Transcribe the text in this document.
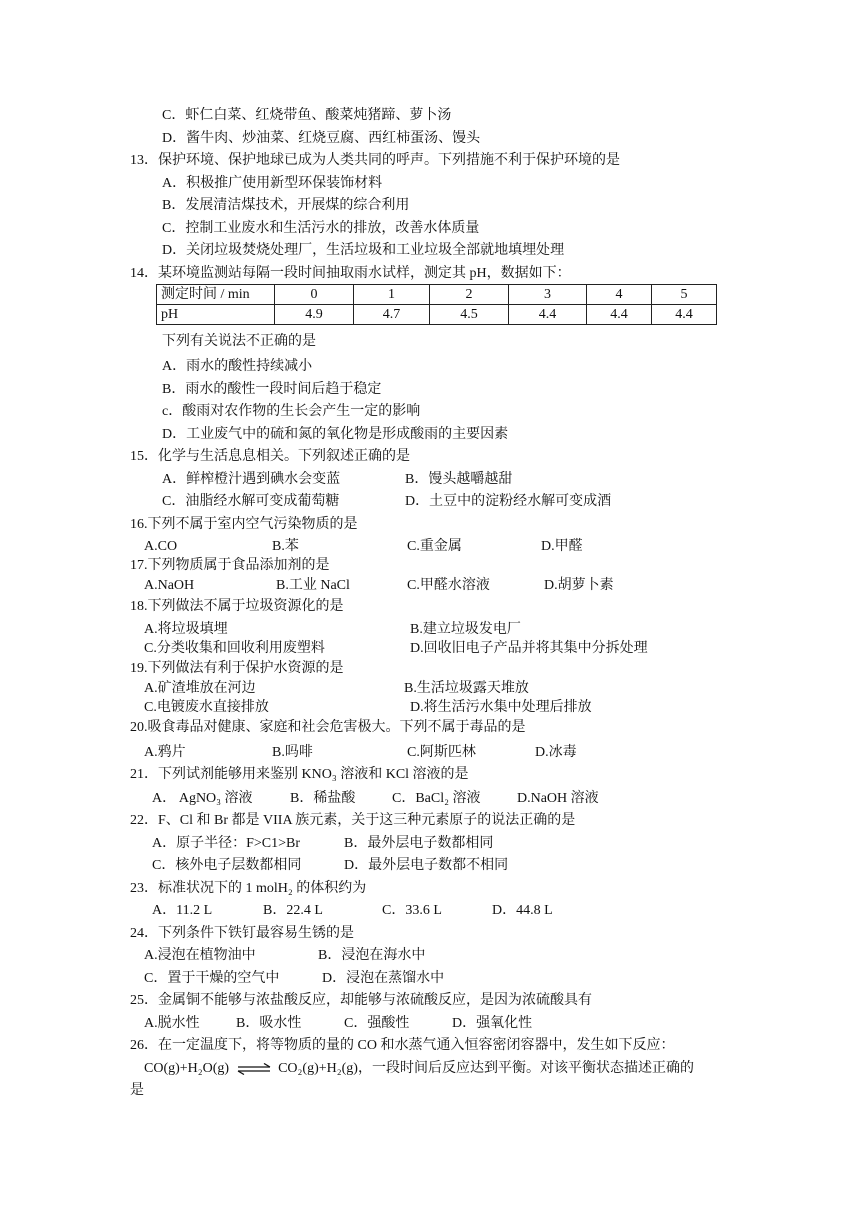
C．虾仁白菜、红烧带鱼、酸菜炖猪蹄、萝卜汤
D．酱牛肉、炒油菜、红烧豆腐、西红柿蛋汤、馒头
13．保护环境、保护地球已成为人类共同的呼声。下列措施不利于保护环境的是
A．积极推广使用新型环保装饰材料
B．发展清洁煤技术，开展煤的综合利用
C．控制工业废水和生活污水的排放，改善水体质量
D．关闭垃圾焚烧处理厂，生活垃圾和工业垃圾全部就地填埋处理
14．某环境监测站每隔一段时间抽取雨水试样，测定其 pH，数据如下：
测定时间 / min	0	1	2	3	4	5
pH	4.9	4.7	4.5	4.4	4.4	4.4
下列有关说法不正确的是
A．雨水的酸性持续减小
B．雨水的酸性一段时间后趋于稳定
c．酸雨对农作物的生长会产生一定的影响
D．工业废气中的硫和氮的氧化物是形成酸雨的主要因素
15．化学与生活息息相关。下列叙述正确的是
A．鲜榨橙汁遇到碘水会变蓝	B．馒头越嚼越甜
C．油脂经水解可变成葡萄糖	D．土豆中的淀粉经水解可变成酒
16.下列不属于室内空气污染物质的是
A.CO	B.苯	C.重金属	D.甲醛
17.下列物质属于食品添加剂的是
A.NaOH	B.工业 NaCl	C.甲醛水溶液	D.胡萝卜素
18.下列做法不属于垃圾资源化的是
A.将垃圾填埋	B.建立垃圾发电厂
C.分类收集和回收利用废塑料	D.回收旧电子产品并将其集中分拆处理
19.下列做法有利于保护水资源的是
A.矿渣堆放在河边	B.生活垃圾露天堆放
C.电镀废水直接排放	D.将生活污水集中处理后排放
20.吸食毒品对健康、家庭和社会危害极大。下列不属于毒品的是
A.鸦片	B.吗啡	C.阿斯匹林	D.冰毒
21．下列试剂能够用来鉴别 KNO₃ 溶液和 KCl 溶液的是
A． AgNO₃ 溶液	B．稀盐酸	C．BaCl₂ 溶液	D.NaOH 溶液
22．F、Cl 和 Br 都是 VIIA 族元素，关于这三种元素原子的说法正确的是
A．原子半径：F>C1>Br	B．最外层电子数都相同
C．核外电子层数都相同	D．最外层电子数都不相同
23．标准状况下的 1 molH₂ 的体积约为
A．11.2 L	B．22.4 L	C．33.6 L	D．44.8 L
24．下列条件下铁钉最容易生锈的是
A.浸泡在植物油中	B．浸泡在海水中
C．置于干燥的空气中	D．浸泡在蒸馏水中
25．金属铜不能够与浓盐酸反应，却能够与浓硫酸反应，是因为浓硫酸具有
A.脱水性	B．吸水性	C．强酸性	D．强氧化性
26．在一定温度下，将等物质的量的 CO 和水蒸气通入恒容密闭容器中，发生如下反应：
CO(g)+H₂O(g) ⇌ CO₂(g)+H₂(g)，一段时间后反应达到平衡。对该平衡状态描述正确的
是
